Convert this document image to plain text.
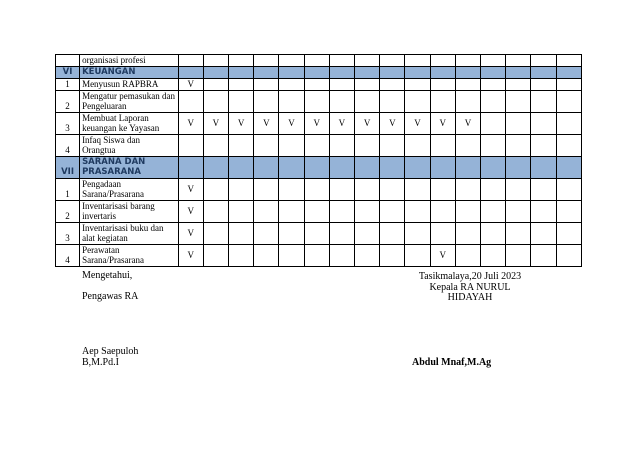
	organisasi profesi																
VI	KEUANGAN																
1	Menyusun RAPBRA	V															
2	Mengatur pemasukan dan Pengeluaran																
3	Membuat Laporan keuangan ke Yayasan	V	V	V	V	V	V	V	V	V	V	V	V				
4	Infaq Siswa dan Orangtua																
VII	SARANA DAN PRASARANA																
1	Pengadaan Sarana/Prasarana	V															
2	Inventarisasi barang invertaris	V															
3	Inventarisasi buku dan alat kegiatan	V															
4	Perawatan Sarana/Prasarana	V										V					
Mengetahui,
Pengawas RA
Aep Saepuloh
B,M.Pd.I
Tasikmalaya,20 Juli 2023
Kepala RA NURUL
HIDAYAH
Abdul Mnaf,M.Ag
